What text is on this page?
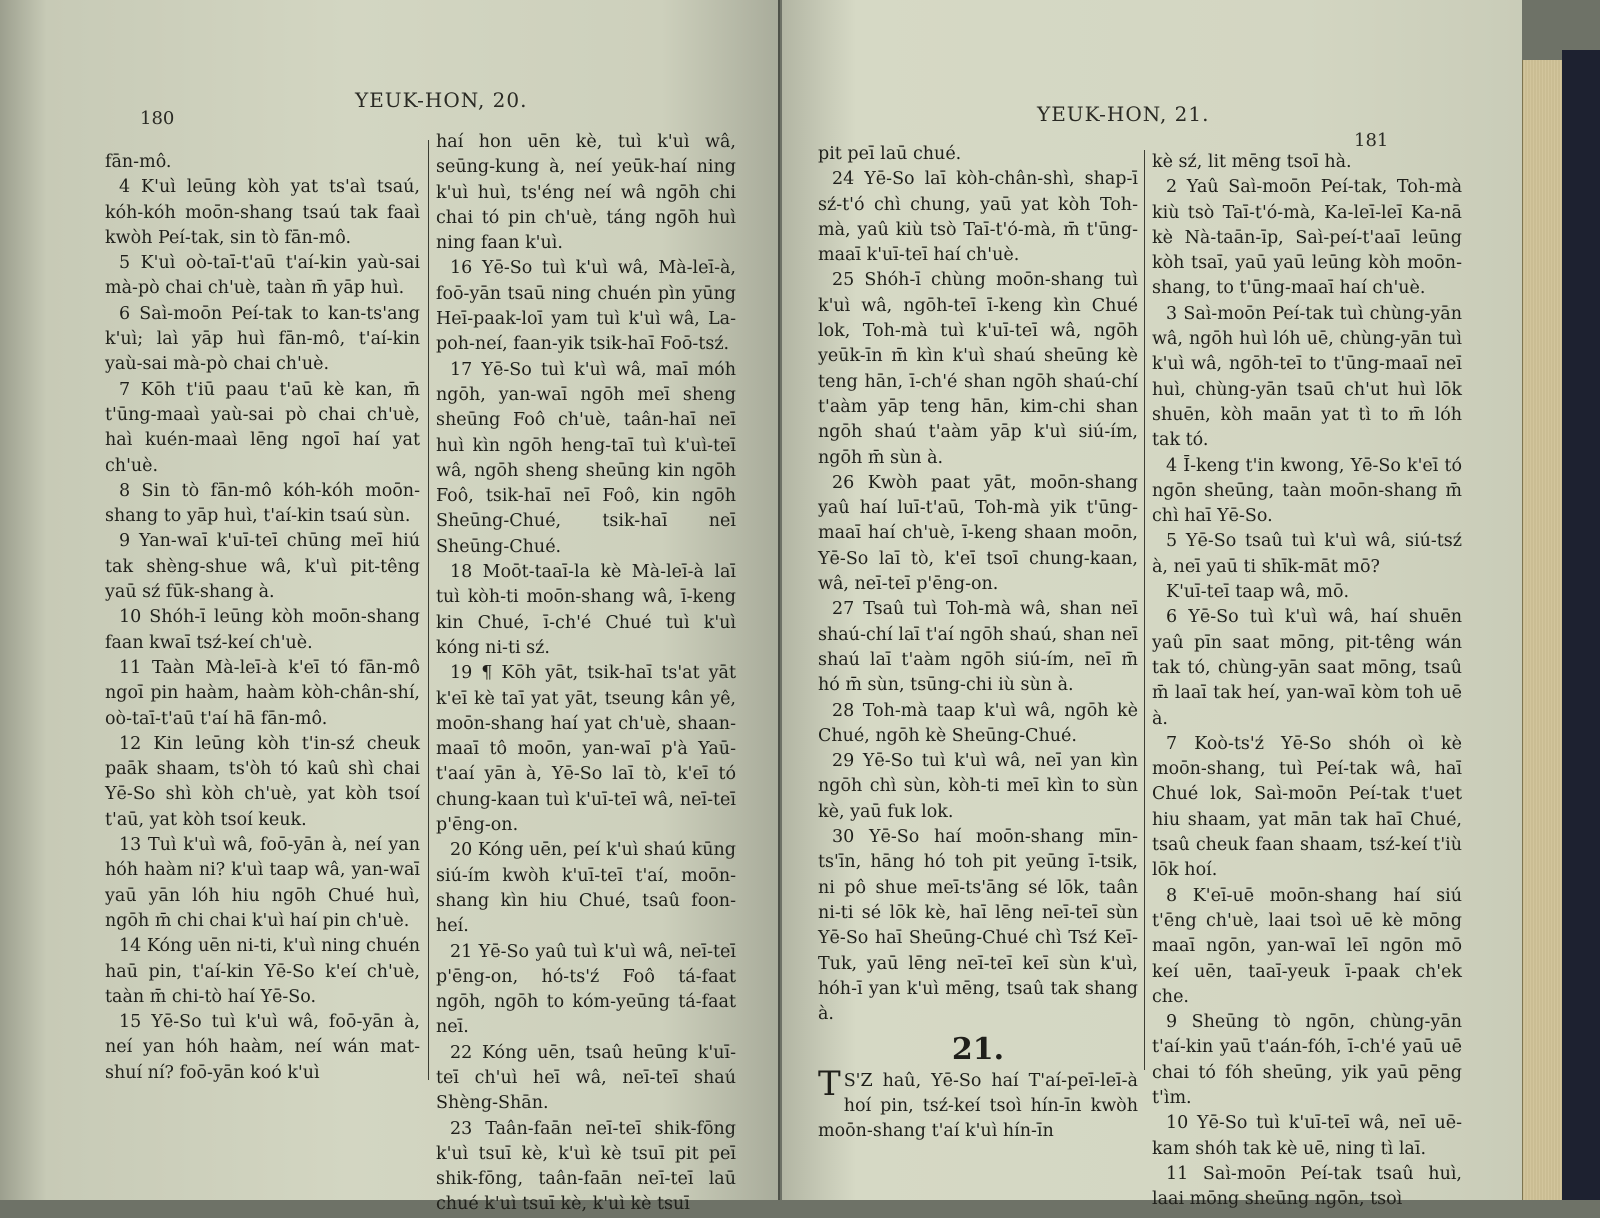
180
YEUK-HON, 20.

fān-mô.

4 K'uì leūng kòh yat ts'aì tsaú, kóh-kóh moōn-shang tsaú tak faaì kwòh Peí-tak, sin tò fān-mô.

5 K'uì oò-taī-t'aū t'aí-kin yaù-sai mà-pò chai ch'uè, taàn m̄ yāp huì.

6 Saì-moōn Peí-tak to kan-ts'ang k'uì; laì yāp huì fān-mô, t'aí-kin yaù-sai mà-pò chai ch'uè.

7 Kōh t'iū paau t'aū kè kan, m̄ t'ūng-maaì yaù-sai pò chai ch'uè, haì kuén-maaì lēng ngoī haí yat ch'uè.

8 Sin tò fān-mô kóh-kóh moōn-shang to yāp huì, t'aí-kin tsaú sùn.

9 Yan-waī k'uī-teī chūng meī hiú tak shèng-shue wâ, k'uì pit-têng yaū sź fūk-shang à.

10 Shóh-ī leūng kòh moōn-shang faan kwaī tsź-keí ch'uè.

11 Taàn Mà-leī-à k'eī tó fān-mô ngoī pin haàm, haàm kòh-chân-shí, oò-taī-t'aū t'aí hā fān-mô.

12 Kin leūng kòh t'in-sź cheuk paāk shaam, ts'òh tó kaû shì chai Yē-So shì kòh ch'uè, yat kòh tsoí t'aū, yat kòh tsoí keuk.

13 Tuì k'uì wâ, foō-yān à, neí yan hóh haàm ni? k'uì taap wâ, yan-waī yaū yān lóh hiu ngōh Chué huì, ngōh m̄ chi chai k'uì haí pin ch'uè.

14 Kóng uēn ni-ti, k'uì ning chuén haū pin, t'aí-kin Yē-So k'eí ch'uè, taàn m̄ chi-tò haí Yē-So.

15 Yē-So tuì k'uì wâ, foō-yān à, neí yan hóh haàm, neí wán mat-shuí ní? foō-yān koó k'uì

haí hon uēn kè, tuì k'uì wâ, seūng-kung à, neí yeūk-haí ning k'uì huì, ts'éng neí wâ ngōh chi chai tó pin ch'uè, táng ngōh huì ning faan k'uì.

16 Yē-So tuì k'uì wâ, Mà-leī-à, foō-yān tsaū ning chuén pìn yūng Heī-paak-loī yam tuì k'uì wâ, La-poh-neí, faan-yik tsik-haī Foō-tsź.

17 Yē-So tuì k'uì wâ, maī móh ngōh, yan-waī ngōh meī sheng sheūng Foô ch'uè, taân-haī neī huì kìn ngōh heng-taī tuì k'uì-teī wâ, ngōh sheng sheūng kin ngōh Foô, tsik-haī neī Foô, kin ngōh Sheūng-Chué, tsik-haī neī Sheūng-Chué.

18 Moōt-taaī-la kè Mà-leī-à laī tuì kòh-ti moōn-shang wâ, ī-keng kin Chué, ī-ch'é Chué tuì k'uì kóng ni-ti sź.

19 ¶ Kōh yāt, tsik-haī ts'at yāt k'eī kè taī yat yāt, tseung kân yê, moōn-shang haí yat ch'uè, shaan-maaī tô moōn, yan-waī p'à Yaū-t'aaí yān à, Yē-So laī tò, k'eī tó chung-kaan tuì k'uī-teī wâ, neī-teī p'ēng-on.

20 Kóng uēn, peí k'uì shaú kūng siú-ím kwòh k'uī-teī t'aí, moōn-shang kìn hiu Chué, tsaû foon-heí.

21 Yē-So yaû tuì k'uì wâ, neī-teī p'ēng-on, hó-ts'ź Foô tá-faat ngōh, ngōh to kóm-yeūng tá-faat neī.

22 Kóng uēn, tsaû heūng k'uī-teī ch'uì heī wâ, neī-teī shaú Shèng-Shān.

23 Taân-faān neī-teī shik-fōng k'uì tsuī kè, k'uì kè tsuī pit peī shik-fōng, taân-faān neī-teī laū chué k'uì tsuī kè, k'uì kè tsuī

YEUK-HON, 21.
181

pit peī laū chué.

24 Yē-So laī kòh-chân-shì, shap-ī sź-t'ó chì chung, yaū yat kòh Toh-mà, yaû kiù tsò Taī-t'ó-mà, m̄ t'ūng-maaī k'uī-teī haí ch'uè.

25 Shóh-ī chùng moōn-shang tuì k'uì wâ, ngōh-teī ī-keng kìn Chué lok, Toh-mà tuì k'uī-teī wâ, ngōh yeūk-īn m̄ kìn k'uì shaú sheūng kè teng hān, ī-ch'é shan ngōh shaú-chí t'aàm yāp teng hān, kim-chi shan ngōh shaú t'aàm yāp k'uì siú-ím, ngōh m̄ sùn à.

26 Kwòh paat yāt, moōn-shang yaû haí luī-t'aū, Toh-mà yik t'ūng-maaī haí ch'uè, ī-keng shaan moōn, Yē-So laī tò, k'eī tsoī chung-kaan, wâ, neī-teī p'ēng-on.

27 Tsaû tuì Toh-mà wâ, shan neī shaú-chí laī t'aí ngōh shaú, shan neī shaú laī t'aàm ngōh siú-ím, neī m̄ hó m̄ sùn, tsūng-chi iù sùn à.

28 Toh-mà taap k'uì wâ, ngōh kè Chué, ngōh kè Sheūng-Chué.

29 Yē-So tuì k'uì wâ, neī yan kìn ngōh chì sùn, kòh-ti meī kìn to sùn kè, yaū fuk lok.

30 Yē-So haí moōn-shang mīn-ts'īn, hāng hó toh pit yeūng ī-tsik, ni pô shue meī-ts'āng sé lōk, taân ni-ti sé lōk kè, haī lēng neī-teī sùn Yē-So haī Sheūng-Chué chì Tsź Keī-Tuk, yaū lēng neī-teī keī sùn k'uì, hóh-ī yan k'uì mēng, tsaû tak shang à.

21.

T S'Z haû, Yē-So haí T'aí-peī-leī-à hoí pin, tsź-keí tsoì hín-īn kwòh moōn-shang t'aí k'uì hín-īn

kè sź, lit mēng tsoī hà.

2 Yaû Saì-moōn Peí-tak, Toh-mà kiù tsò Taī-t'ó-mà, Ka-leī-leī Ka-nā kè Nà-taān-īp, Saì-peí-t'aaī leūng kòh tsaī, yaū yaū leūng kòh moōn-shang, to t'ūng-maaī haí ch'uè.

3 Saì-moōn Peí-tak tuì chùng-yān wâ, ngōh huì lóh uē, chùng-yān tuì k'uì wâ, ngōh-teī to t'ūng-maaī neī huì, chùng-yān tsaū ch'ut huì lōk shuēn, kòh maān yat tì to m̄ lóh tak tó.

4 Ī-keng t'in kwong, Yē-So k'eī tó ngōn sheūng, taàn moōn-shang m̄ chì haī Yē-So.

5 Yē-So tsaû tuì k'uì wâ, siú-tsź à, neī yaū ti shīk-māt mō?

K'uī-teī taap wâ, mō.

6 Yē-So tuì k'uì wâ, haí shuēn yaû pīn saat mōng, pit-têng wán tak tó, chùng-yān saat mōng, tsaû m̄ laaī tak heí, yan-waī kòm toh uē à.

7 Koò-ts'ź Yē-So shóh oì kè moōn-shang, tuì Peí-tak wâ, haī Chué lok, Saì-moōn Peí-tak t'uet hiu shaam, yat mān tak haī Chué, tsaû cheuk faan shaam, tsź-keí t'iù lōk hoí.

8 K'eī-uē moōn-shang haí siú t'ēng ch'uè, laai tsoì uē kè mōng maaī ngōn, yan-waī leī ngōn mō keí uēn, taaī-yeuk ī-paak ch'ek che.

9 Sheūng tò ngōn, chùng-yān t'aí-kin yaū t'aán-fóh, ī-ch'é yaū uē chai tó fóh sheūng, yik yaū pēng t'ìm.

10 Yē-So tuì k'uī-teī wâ, neī uē-kam shóh tak kè uē, ning tì laī.

11 Saì-moōn Peí-tak tsaû huì, laai mōng sheūng ngōn, tsoì
